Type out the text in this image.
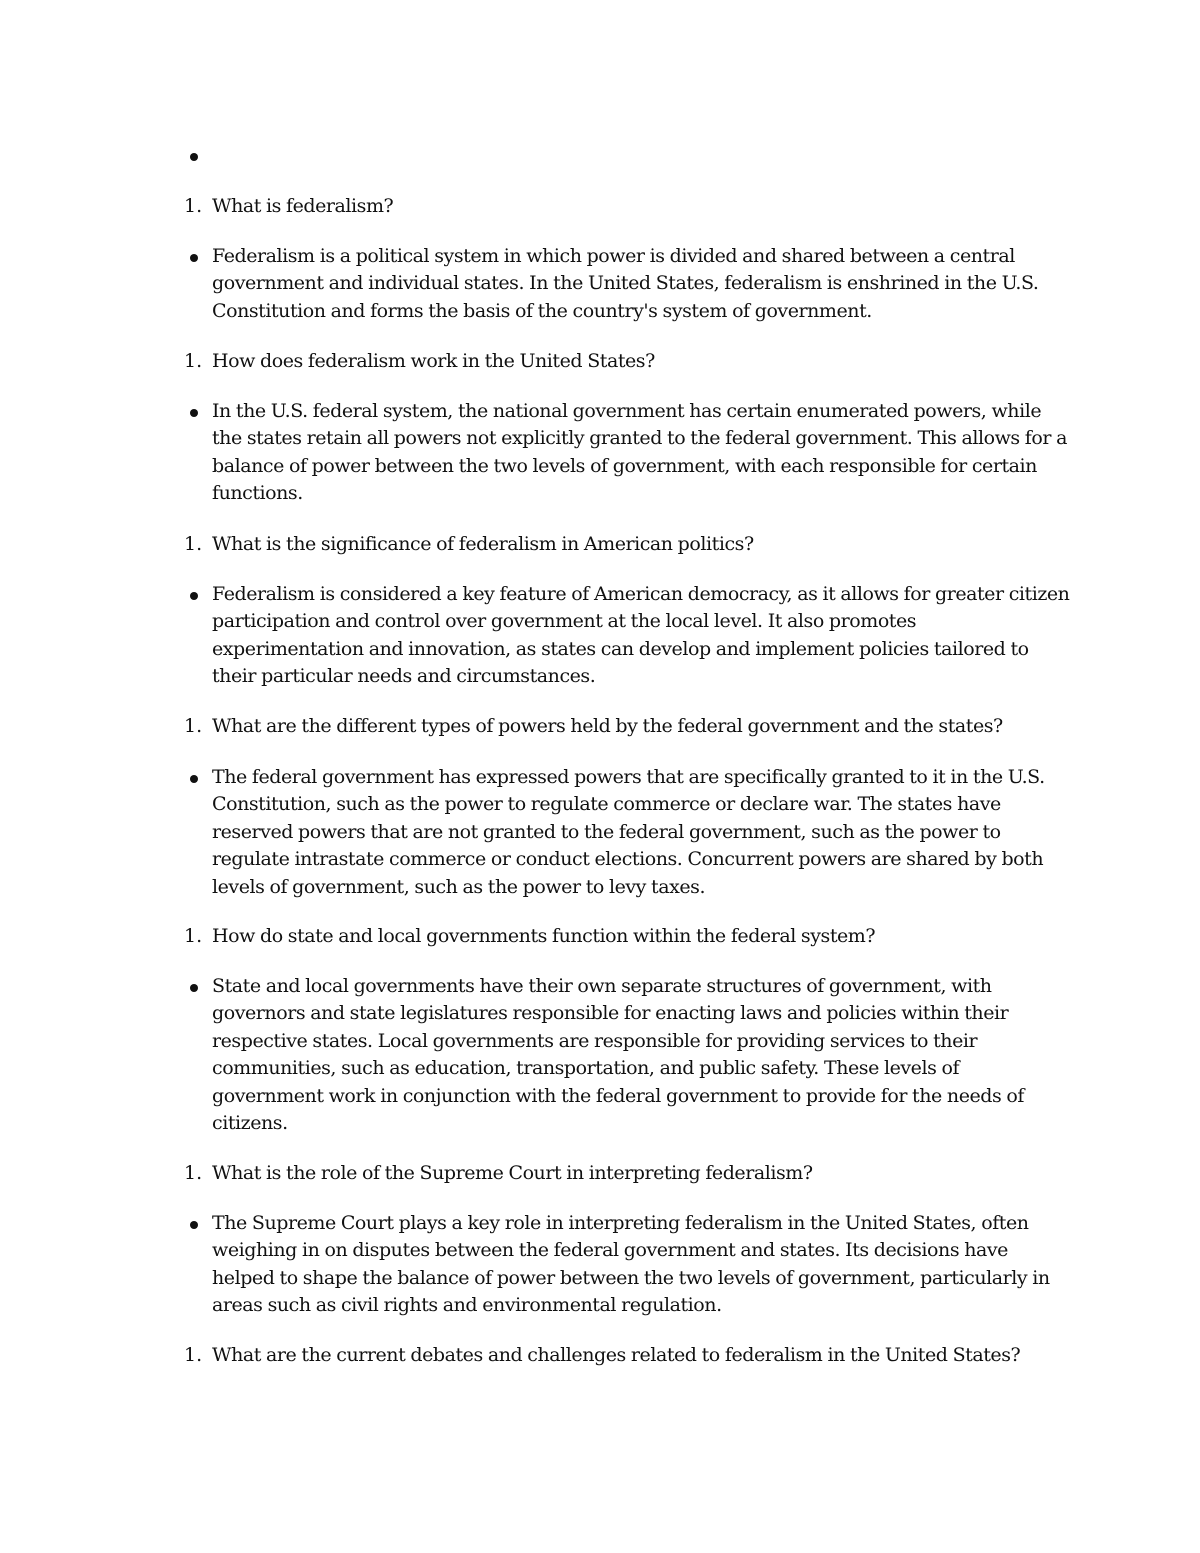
1. What is federalism?
Federalism is a political system in which power is divided and shared between a central government and individual states. In the United States, federalism is enshrined in the U.S. Constitution and forms the basis of the country's system of government.
1. How does federalism work in the United States?
In the U.S. federal system, the national government has certain enumerated powers, while the states retain all powers not explicitly granted to the federal government. This allows for a balance of power between the two levels of government, with each responsible for certain functions.
1. What is the significance of federalism in American politics?
Federalism is considered a key feature of American democracy, as it allows for greater citizen participation and control over government at the local level. It also promotes experimentation and innovation, as states can develop and implement policies tailored to their particular needs and circumstances.
1. What are the different types of powers held by the federal government and the states?
The federal government has expressed powers that are specifically granted to it in the U.S. Constitution, such as the power to regulate commerce or declare war. The states have reserved powers that are not granted to the federal government, such as the power to regulate intrastate commerce or conduct elections. Concurrent powers are shared by both levels of government, such as the power to levy taxes.
1. How do state and local governments function within the federal system?
State and local governments have their own separate structures of government, with governors and state legislatures responsible for enacting laws and policies within their respective states. Local governments are responsible for providing services to their communities, such as education, transportation, and public safety. These levels of government work in conjunction with the federal government to provide for the needs of citizens.
1. What is the role of the Supreme Court in interpreting federalism?
The Supreme Court plays a key role in interpreting federalism in the United States, often weighing in on disputes between the federal government and states. Its decisions have helped to shape the balance of power between the two levels of government, particularly in areas such as civil rights and environmental regulation.
1. What are the current debates and challenges related to federalism in the United States?
